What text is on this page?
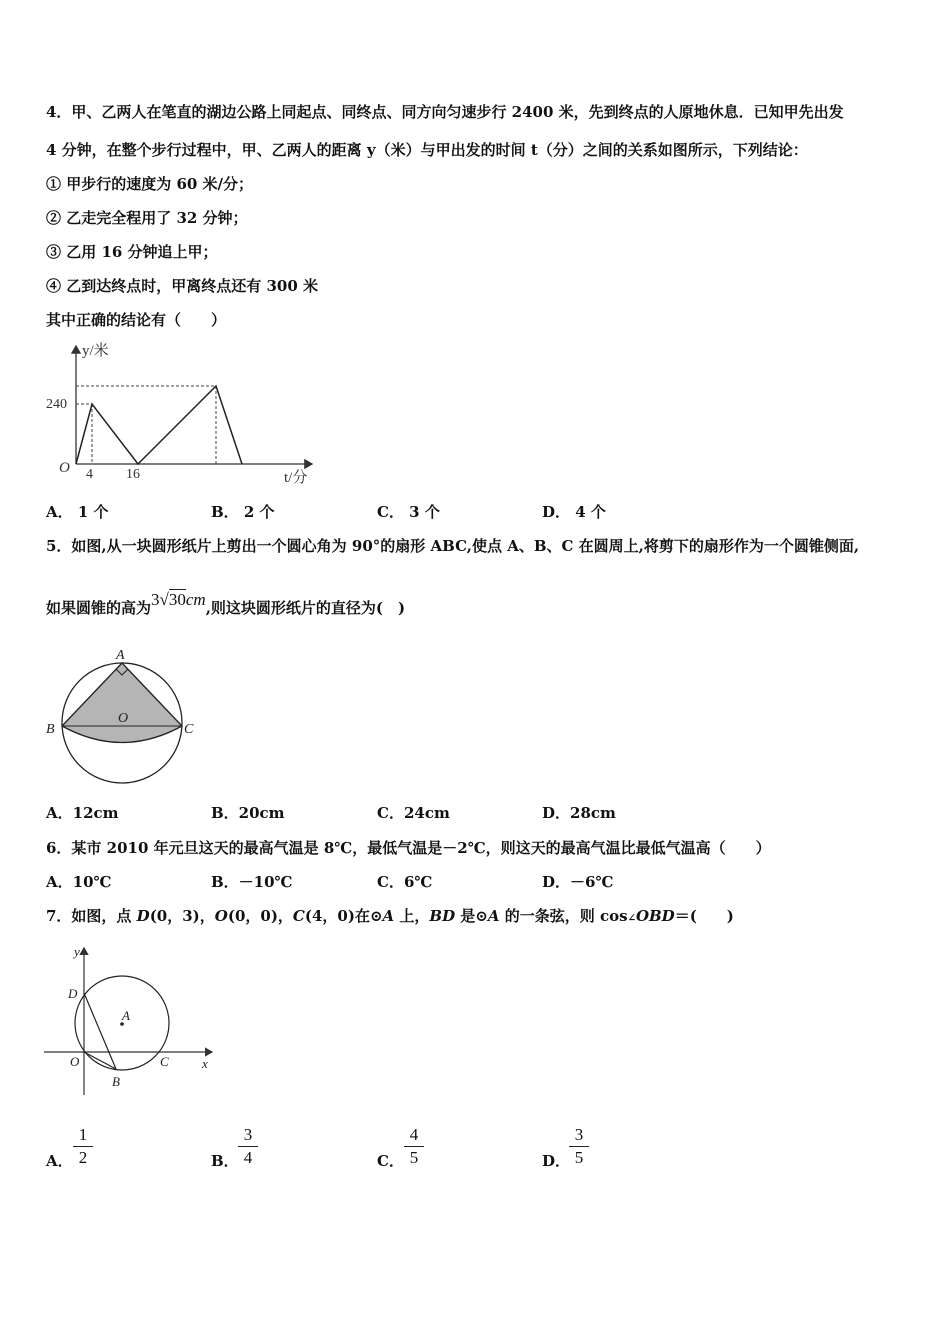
4．甲、乙两人在笔直的湖边公路上同起点、同终点、同方向匀速步行 2400 米，先到终点的人原地休息．已知甲先出发
4 分钟，在整个步行过程中，甲、乙两人的距离 y（米）与甲出发的时间 t（分）之间的关系如图所示，下列结论：
① 甲步行的速度为 60 米/分；
② 乙走完全程用了 32 分钟；
③ 乙用 16 分钟追上甲；
④ 乙到达终点时，甲离终点还有 300 米
其中正确的结论有（　　）
y/米
t/分
O
240
4 16
A． 1 个	B． 2 个	C． 3 个	D． 4 个
5．如图,从一块圆形纸片上剪出一个圆心角为 90°的扇形 ABC,使点 A、B、C 在圆周上,将剪下的扇形作为一个圆锥侧面,
如果圆锥的高为3√30cm,则这块圆形纸片的直径为(　)
A
B	C
O
A．12cm	B．20cm	C．24cm	D．28cm
6．某市 2010 年元旦这天的最高气温是 8℃，最低气温是－2℃，则这天的最高气温比最低气温高（　　）
A．10℃	B．－10℃	C．6℃	D．－6℃
7．如图，点 D(0，3)，O(0，0)，C(4，0)在⊙A 上，BD 是⊙A 的一条弦，则 cos∠OBD＝(　　)
y
x
D
A
O
B
C
A．
1
2	B．
3
4	C．
4
5	D．
3
5
